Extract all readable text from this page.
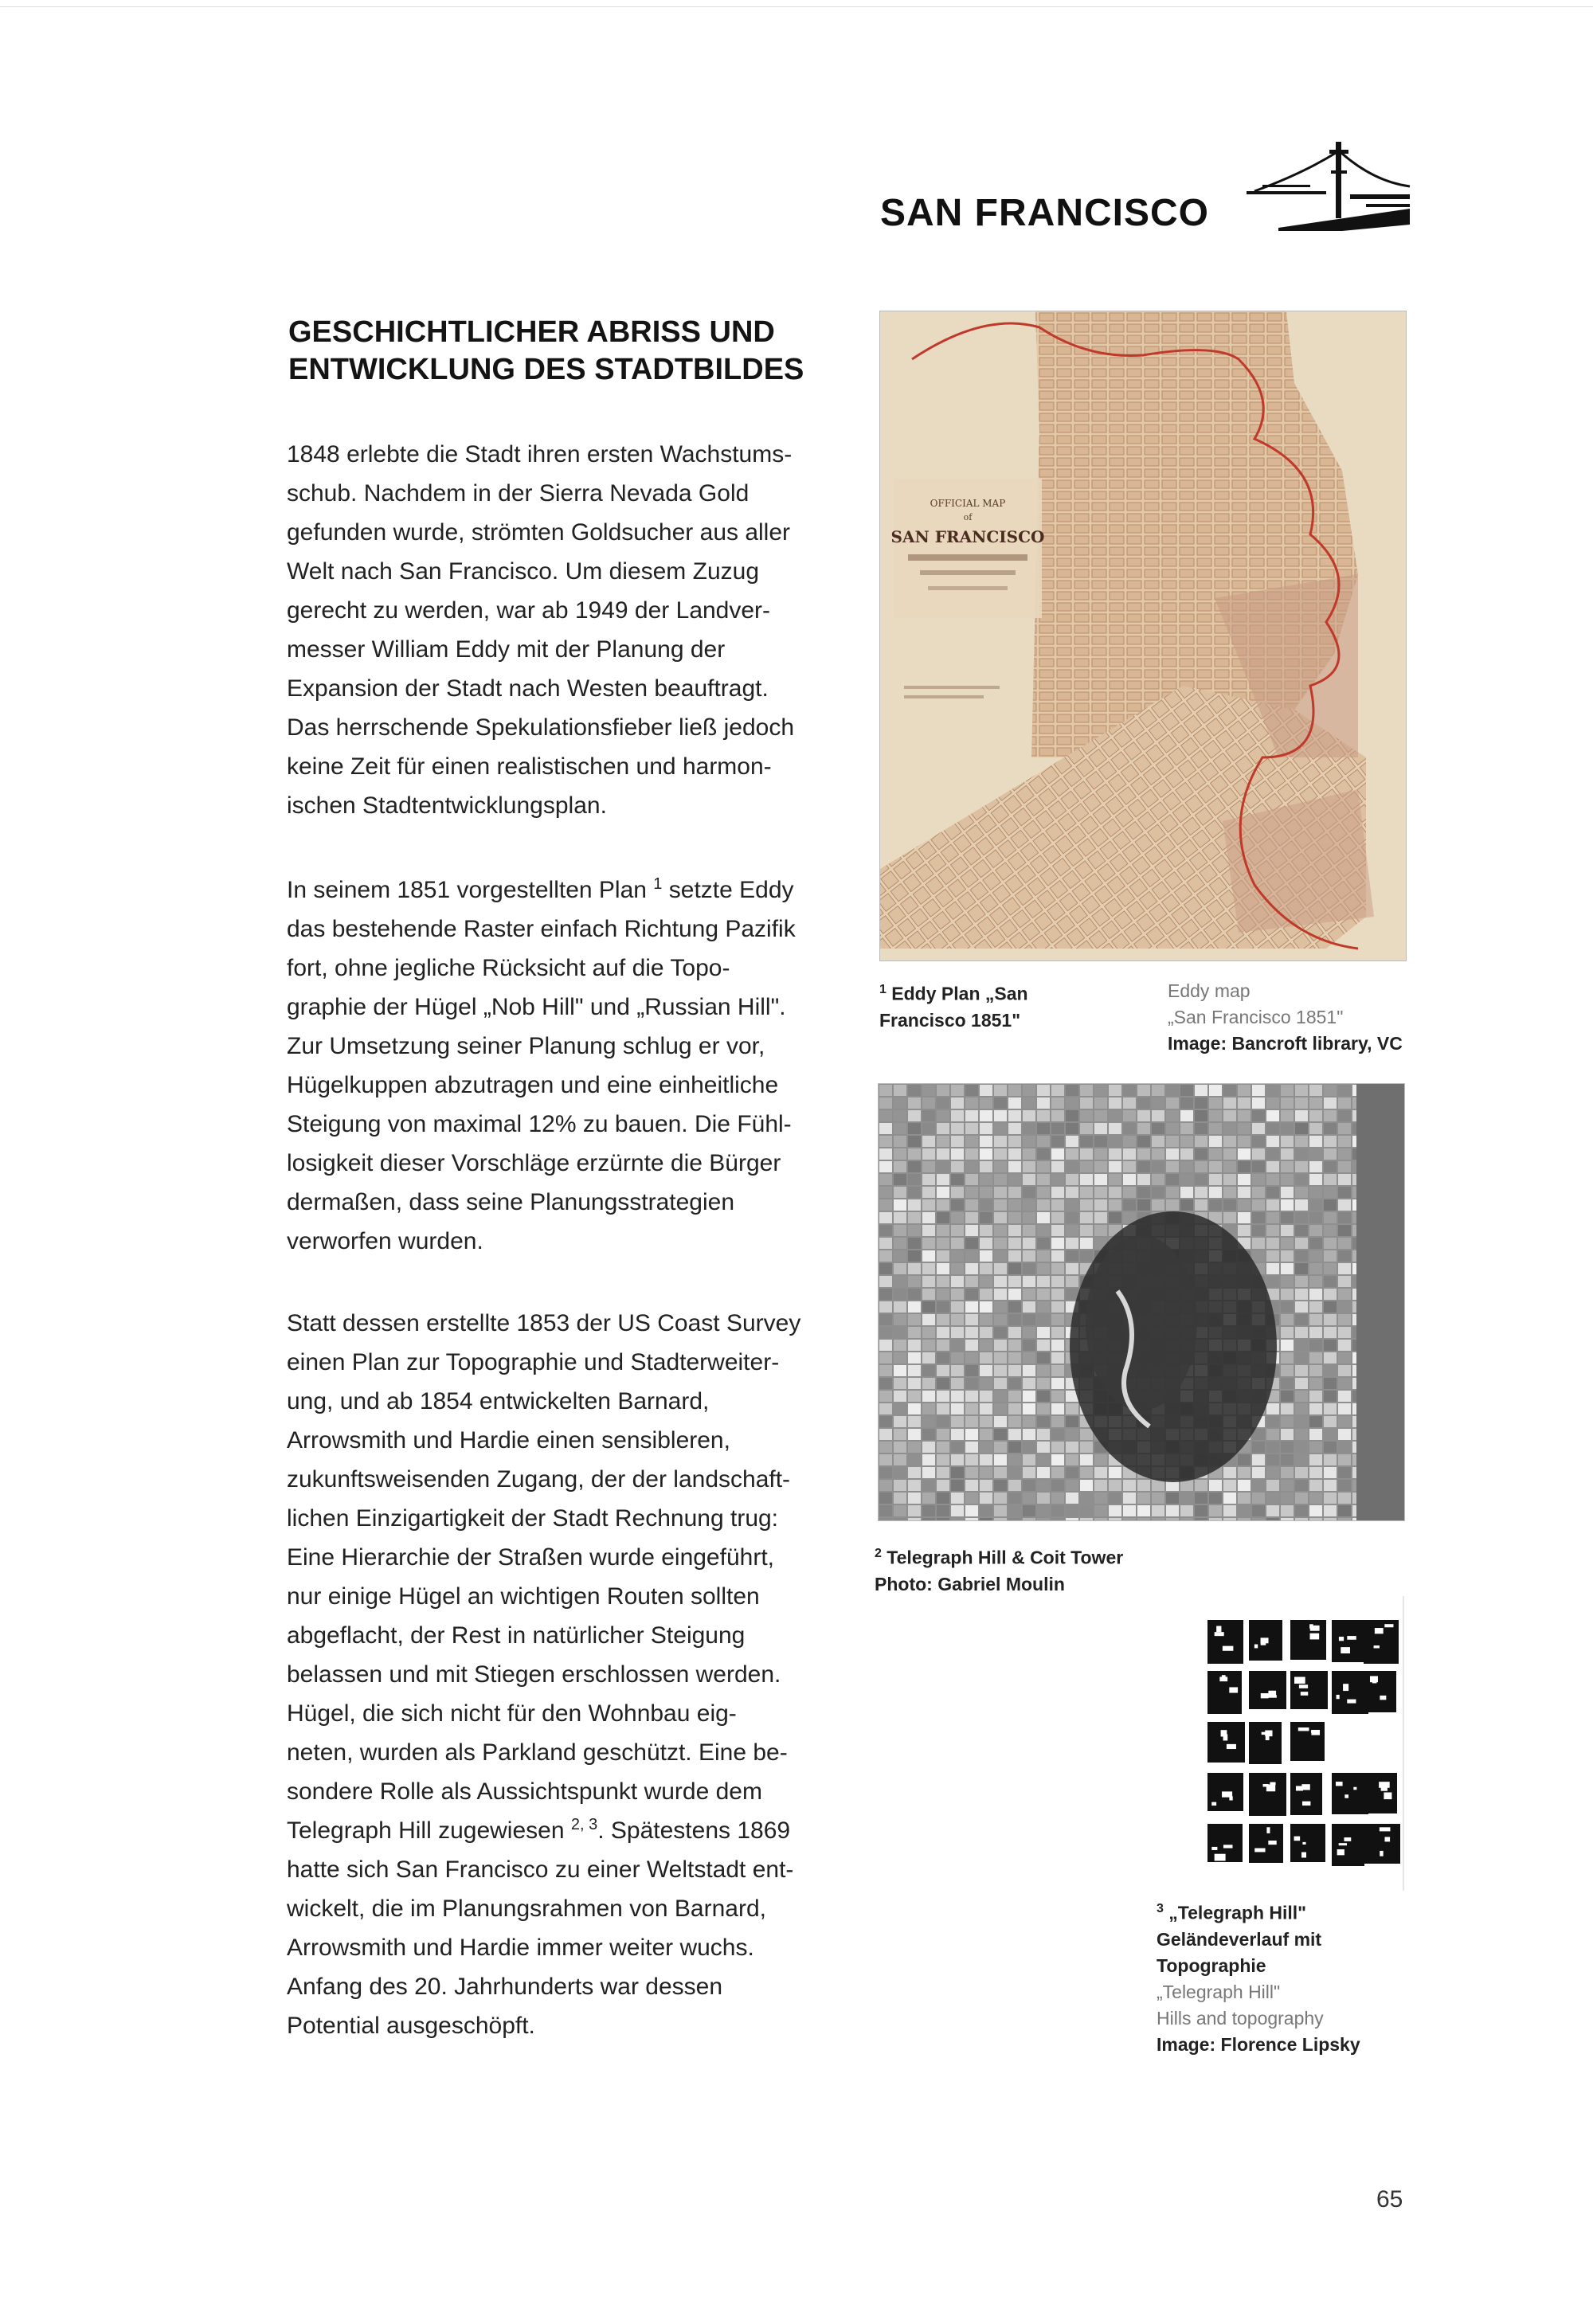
SAN FRANCISCO
GESCHICHTLICHER ABRISS UND
ENTWICKLUNG DES STADTBILDES

1848 erlebte die Stadt ihren ersten Wachstums-

schub. Nachdem in der Sierra Nevada Gold

gefunden wurde, strömten Goldsucher aus aller

Welt nach San Francisco. Um diesem Zuzug

gerecht zu werden, war ab 1949 der Landver-

messer William Eddy mit der Planung der

Expansion der Stadt nach Westen beauftragt.

Das herrschende Spekulationsfieber ließ jedoch

keine Zeit für einen realistischen und harmon-

ischen Stadtentwicklungsplan.

In seinem 1851 vorgestellten Plan $^1$ setzte Eddy

das bestehende Raster einfach Richtung Pazifik

fort, ohne jegliche Rücksicht auf die Topo-

graphie der Hügel „Nob Hill" und „Russian Hill".

Zur Umsetzung seiner Planung schlug er vor,

Hügelkuppen abzutragen und eine einheitliche

Steigung von maximal 12% zu bauen. Die Fühl-

losigkeit dieser Vorschläge erzürnte die Bürger

dermaßen, dass seine Planungsstrategien

verworfen wurden.

Statt dessen erstellte 1853 der US Coast Survey

einen Plan zur Topographie und Stadterweiter-

ung, und ab 1854 entwickelten Barnard,

Arrowsmith und Hardie einen sensibleren,

zukunftsweisenden Zugang, der der landschaft-

lichen Einzigartigkeit der Stadt Rechnung trug:

Eine Hierarchie der Straßen wurde eingeführt,

nur einige Hügel an wichtigen Routen sollten

abgeflacht, der Rest in natürlicher Steigung

belassen und mit Stiegen erschlossen werden.

Hügel, die sich nicht für den Wohnbau eig-

neten, wurden als Parkland geschützt. Eine be-

sondere Rolle als Aussichtspunkt wurde dem

Telegraph Hill zugewiesen $^{2, 3}$. Spätestens 1869

hatte sich San Francisco zu einer Weltstadt ent-

wickelt, die im Planungsrahmen von Barnard,

Arrowsmith und Hardie immer weiter wuchs.

Anfang des 20. Jahrhunderts war dessen

Potential ausgeschöpft.

OFFICIAL MAP
of
SAN FRANCISCO
$^1$ Eddy Plan „San
Francisco 1851"
Eddy map
„San Francisco 1851"
Image: Bancroft library, VC
$^2$ Telegraph Hill & Coit Tower
Photo: Gabriel Moulin
$^3$ „Telegraph Hill"
Geländeverlauf mit
Topographie
„Telegraph Hill"
Hills and topography
Image: Florence Lipsky
65
